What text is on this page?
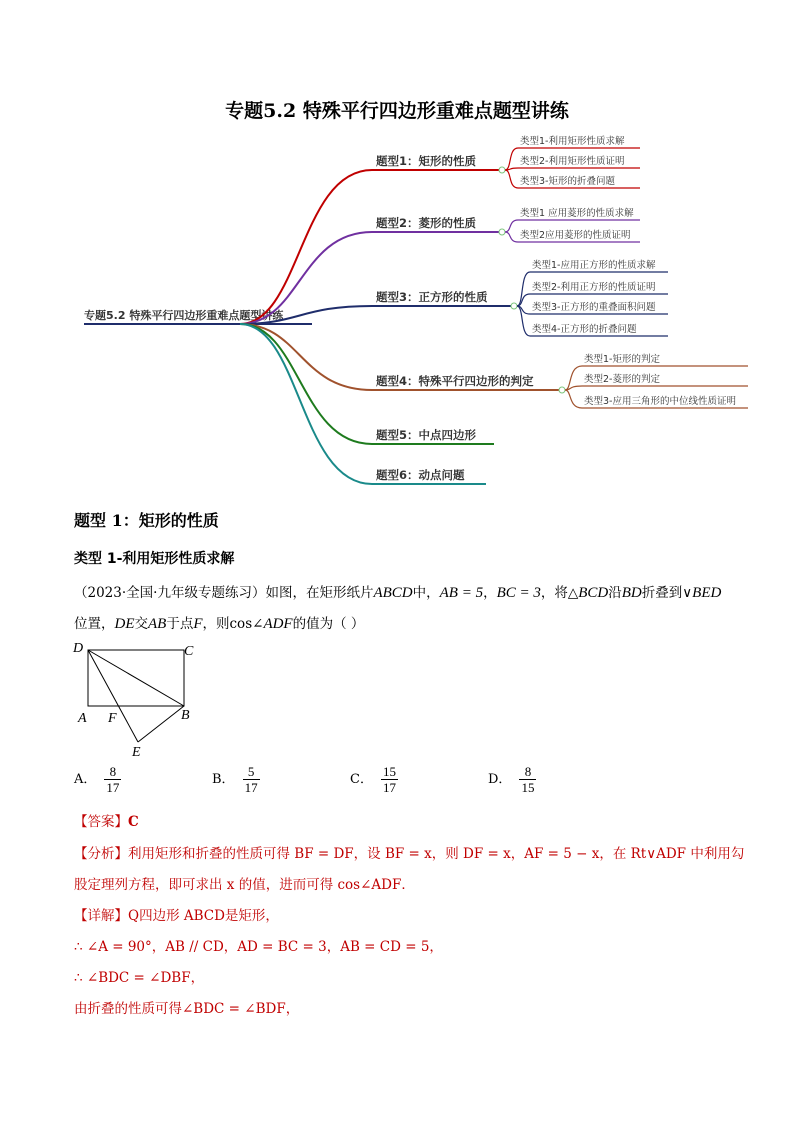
专题5.2 特殊平行四边形重难点题型讲练
专题5.2 特殊平行四边形重难点题型讲练
题型1：矩形的性质
类型1-利用矩形性质求解
类型2-利用矩形性质证明
类型3-矩形的折叠问题
题型2：菱形的性质
类型1 应用菱形的性质求解
类型2应用菱形的性质证明
题型3：正方形的性质
类型1-应用正方形的性质求解
类型2-利用正方形的性质证明
类型3-正方形的重叠面积问题
类型4-正方形的折叠问题
题型4：特殊平行四边形的判定
类型1-矩形的判定
类型2-菱形的判定
类型3-应用三角形的中位线性质证明
题型5：中点四边形
题型6：动点问题
题型 1：矩形的性质
类型 1-利用矩形性质求解
（2023·全国·九年级专题练习）如图，在矩形纸片ABCD中，AB = 5，BC = 3，将△BCD沿BD折叠到∨BED
位置，DE交AB于点F，则cos∠ADF的值为（ ）
D	C
A F	B
E
A． $\frac{8}{17}$	B． $\frac{5}{17}$	C． $\frac{15}{17}$	D． $\frac{8}{15}$
【答案】C
【分析】利用矩形和折叠的性质可得 BF = DF，设 BF = x，则 DF = x，AF = 5 − x，在 Rt∨ADF 中利用勾
股定理列方程，即可求出 x 的值，进而可得 cos∠ADF．
【详解】Q四边形 ABCD是矩形，
∴ ∠A = 90°，AB // CD，AD = BC = 3，AB = CD = 5，
∴ ∠BDC = ∠DBF，
由折叠的性质可得∠BDC = ∠BDF，
